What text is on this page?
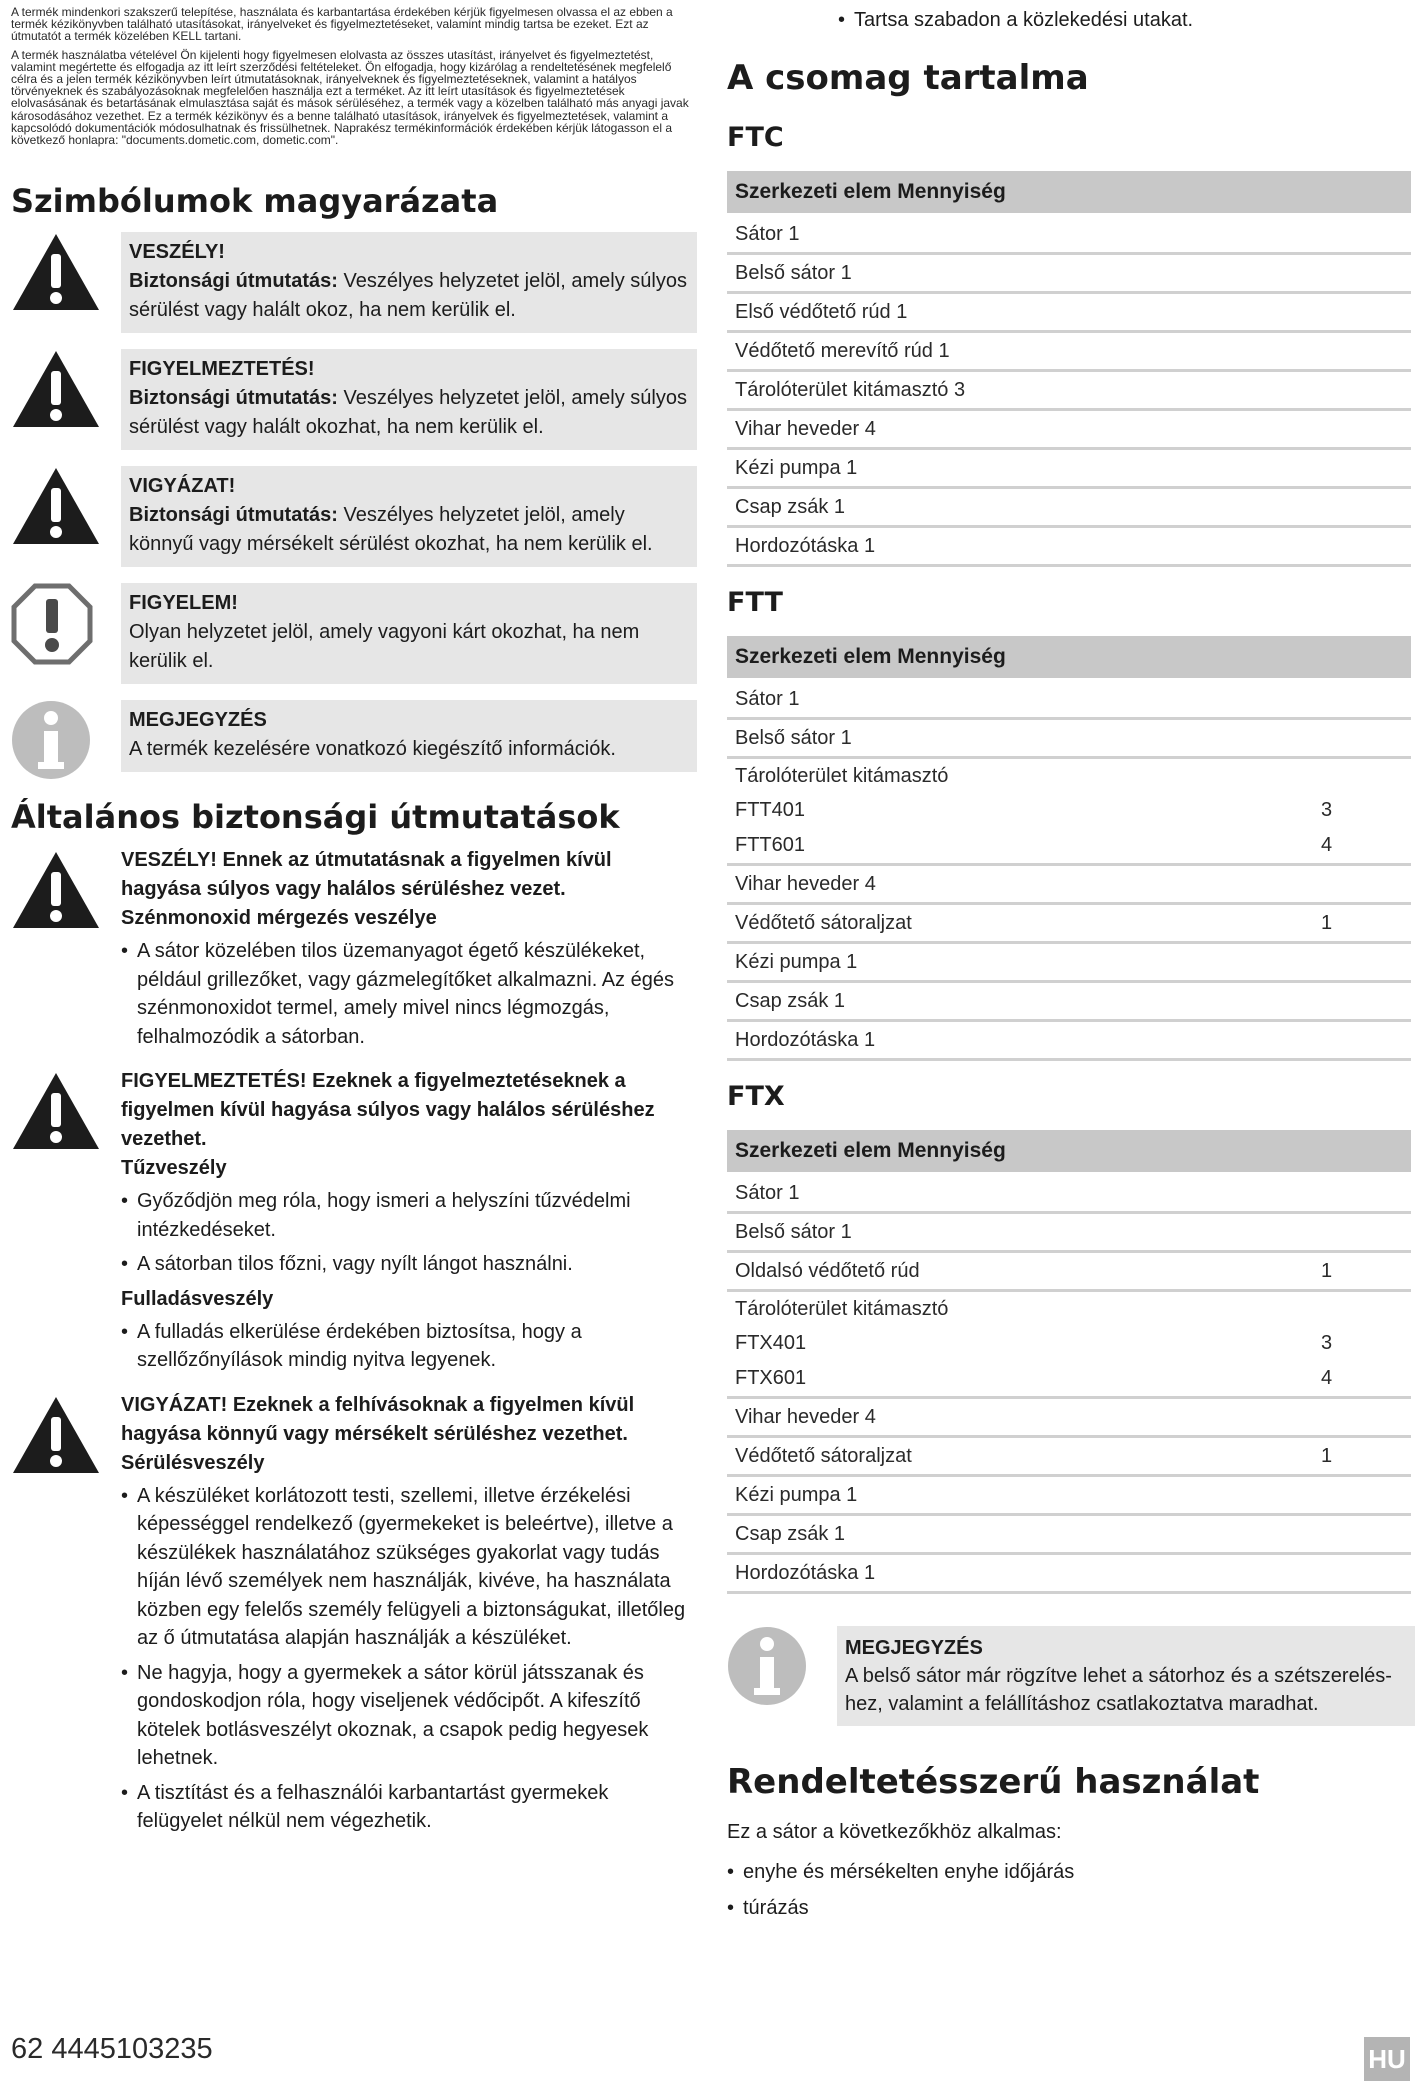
A termék mindenkori szakszerű telepítése, használata és karbantartása érdekében kérjük figyelmesen olvassa el az ebben a termék kézikönyvben található utasításokat, irányelveket és figyelmeztetéseket, valamint mindig tartsa be ezeket. Ezt az útmutatót a termék közelében KELL tartani.

A termék használatba vételével Ön kijelenti hogy figyelmesen elolvasta az összes utasítást, irányelvet és figyelmeztetést, valamint megértette és elfogadja az itt leírt szerződési feltételeket. Ön elfogadja, hogy kizárólag a rendeltetésének megfelelő célra és a jelen termék kézikönyvben leírt útmutatásoknak, irányelveknek és figyelmeztetéseknek, valamint a hatályos törvényeknek és szabályozásoknak megfelelően használja ezt a terméket. Az itt leírt utasítások és figyelmeztetések elolvasásának és betartásának elmulasztása saját és mások sérüléséhez, a termék vagy a közelben található más anyagi javak károsodásához vezethet. Ez a termék kézikönyv és a benne található utasítások, irányelvek és figyelmeztetések, valamint a kapcsolódó dokumentációk módosulhatnak és frissülhetnek. Naprakész termékinformációk érdekében kérjük látogasson el a következő honlapra: "documents.dometic.com, dometic.com".

Szimbólumok magyarázata
VESZÉLY!
Biztonsági útmutatás: Veszélyes helyzetet jelöl, amely súlyos sérülést vagy halált okoz, ha nem kerülik el.
FIGYELMEZTETÉS!
Biztonsági útmutatás: Veszélyes helyzetet jelöl, amely súlyos sérülést vagy halált okozhat, ha nem kerülik el.
VIGYÁZAT!
Biztonsági útmutatás: Veszélyes helyzetet jelöl, amely könnyű vagy mérsékelt sérülést okozhat, ha nem kerülik el.
FIGYELEM!
Olyan helyzetet jelöl, amely vagyoni kárt okozhat, ha nem kerülik el.
MEGJEGYZÉS
A termék kezelésére vonatkozó kiegészítő információk.
Általános biztonsági útmutatások
VESZÉLY! Ennek az útmutatásnak a figyelmen kívül hagyása súlyos vagy halálos sérüléshez vezet.
Szénmonoxid mérgezés veszélye
• A sátor közelében tilos üzemanyagot égető készülékeket, például grillezőket, vagy gázmelegítőket alkalmazni. Az égés szénmonoxidot termel, amely mivel nincs légmozgás, felhalmozódik a sátorban.
FIGYELMEZTETÉS! Ezeknek a figyelmeztetéseknek a figyelmen kívül hagyása súlyos vagy halálos sérüléshez vezethet.
Tűzveszély
• Győződjön meg róla, hogy ismeri a helyszíni tűzvédelmi intézkedéseket.
• A sátorban tilos főzni, vagy nyílt lángot használni.
Fulladásveszély
• A fulladás elkerülése érdekében biztosítsa, hogy a szellőzőnyílások mindig nyitva legyenek.
VIGYÁZAT! Ezeknek a felhívásoknak a figyelmen kívül hagyása könnyű vagy mérsékelt sérüléshez vezethet.
Sérülésveszély
• A készüléket korlátozott testi, szellemi, illetve érzékelési képességgel rendelkező (gyermekeket is beleértve), illetve a készülékek használatához szükséges gyakorlat vagy tudás híján lévő személyek nem használják, kivéve, ha használata közben egy felelős személy felügyeli a biztonságukat, illetőleg az ő útmutatása alapján használják a készüléket.
• Ne hagyja, hogy a gyermekek a sátor körül játsszanak és gondoskodjon róla, hogy viseljenek védőcipőt. A kifeszítő kötelek botlásveszélyt okoznak, a csapok pedig hegyesek lehetnek.
• A tisztítást és a felhasználói karbantartást gyermekek felügyelet nélkül nem végezhetik.
• Tartsa szabadon a közlekedési utakat.
A csomag tartalma
FTC
Szerkezeti elem Mennyiség
Sátor 1
Belső sátor 1
Első védőtető rúd 1
Védőtető merevítő rúd 1
Tárolóterület kitámasztó 3
Vihar heveder 4
Kézi pumpa 1
Csap zsák 1
Hordozótáska 1
FTT
Szerkezeti elem Mennyiség
Sátor 1
Belső sátor 1
Tárolóterület kitámasztó
FTT401	3
FTT601	4
Vihar heveder 4
Védőtető sátoraljzat	1
Kézi pumpa 1
Csap zsák 1
Hordozótáska 1
FTX
Szerkezeti elem Mennyiség
Sátor 1
Belső sátor 1
Oldalsó védőtető rúd	1
Tárolóterület kitámasztó
FTX401	3
FTX601	4
Vihar heveder 4
Védőtető sátoraljzat	1
Kézi pumpa 1
Csap zsák 1
Hordozótáska 1
MEGJEGYZÉS
A belső sátor már rögzítve lehet a sátorhoz és a szétszerelés-hez, valamint a felállításhoz csatlakoztatva maradhat.
Rendeltetésszerű használat

Ez a sátor a következőkhöz alkalmas:

• enyhe és mérsékelten enyhe időjárás
• túrázás
62 4445103235	HU
